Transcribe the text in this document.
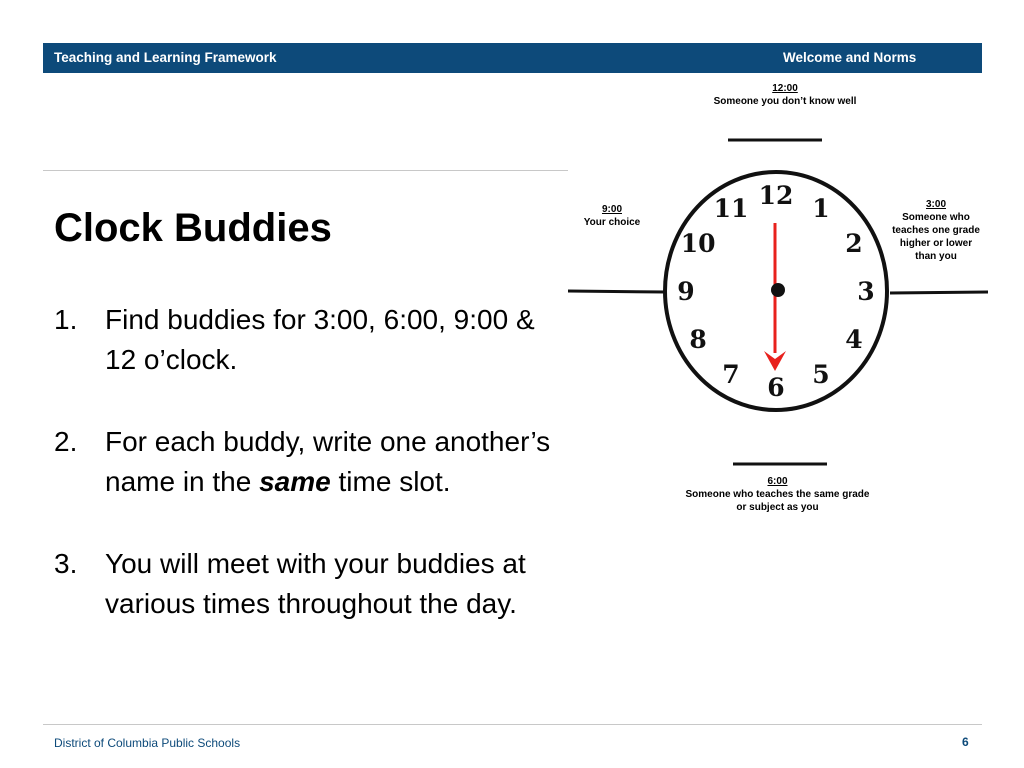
Teaching and Learning Framework	Welcome and Norms
Clock Buddies
1. Find buddies for 3:00, 6:00, 9:00 & 12 o’clock.
2. For each buddy, write one another’s name in the same time slot.
3. You will meet with your buddies at various times throughout the day.
12:00
Someone you don’t know well
9:00
Your choice
3:00
Someone who teaches one grade higher or lower than you
6:00
Someone who teaches the same grade or subject as you
12 1
2
3
4
5
6
7
8
9
10
11
District of Columbia Public Schools	6
